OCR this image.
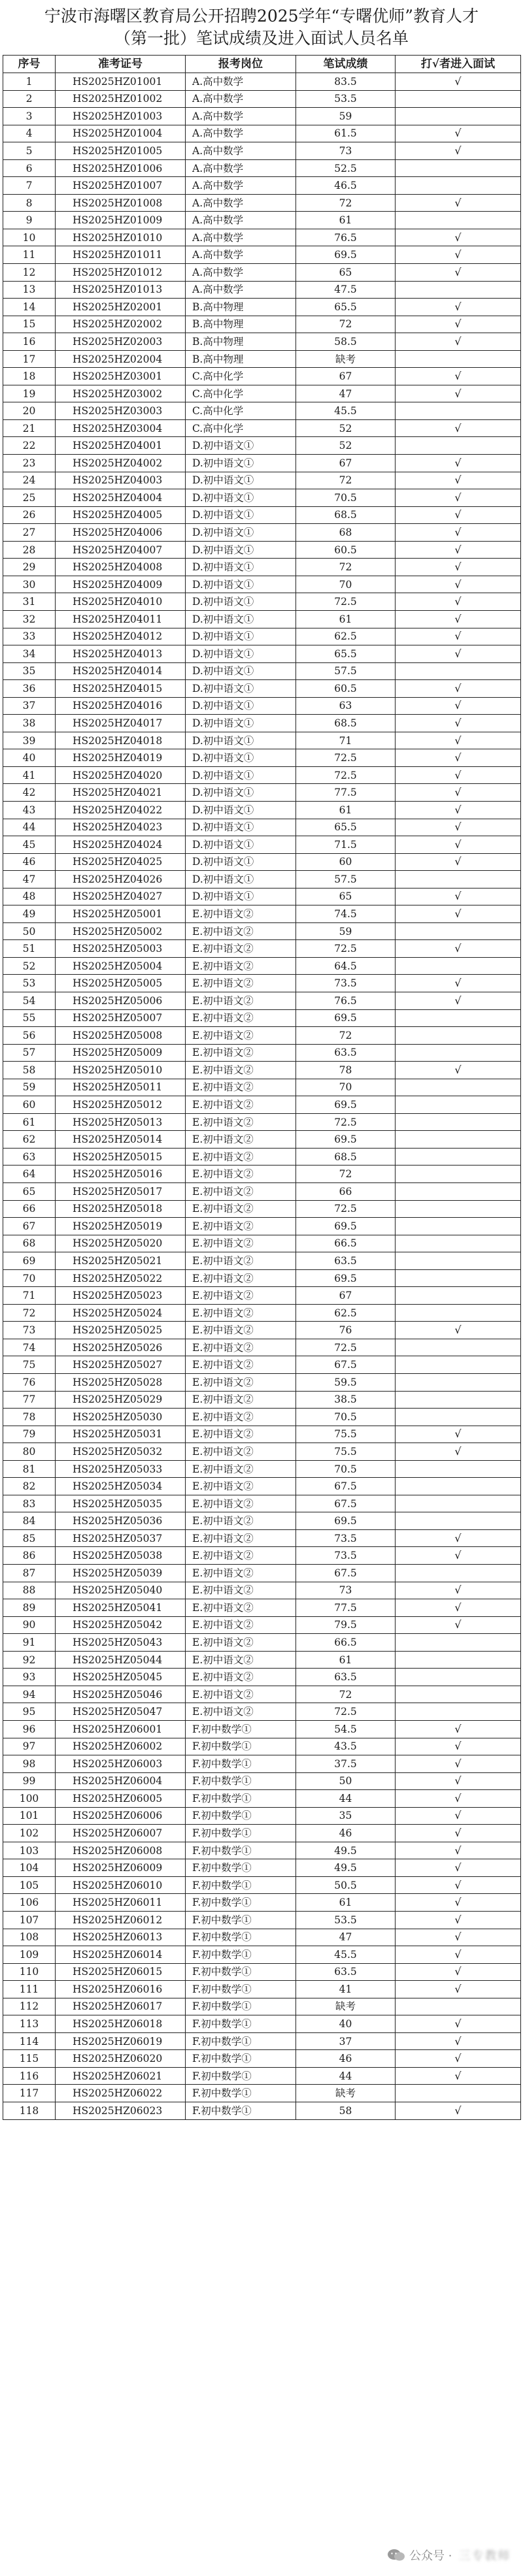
宁波市海曙区教育局公开招聘2025学年“专曙优师”教育人才
（第一批）笔试成绩及进入面试人员名单
序号	准考证号	报考岗位	笔试成绩	打√者进入面试
1	HS2025HZ01001	A.高中数学	83.5	√
2	HS2025HZ01002	A.高中数学	53.5	
3	HS2025HZ01003	A.高中数学	59	
4	HS2025HZ01004	A.高中数学	61.5	√
5	HS2025HZ01005	A.高中数学	73	√
6	HS2025HZ01006	A.高中数学	52.5	
7	HS2025HZ01007	A.高中数学	46.5	
8	HS2025HZ01008	A.高中数学	72	√
9	HS2025HZ01009	A.高中数学	61	
10	HS2025HZ01010	A.高中数学	76.5	√
11	HS2025HZ01011	A.高中数学	69.5	√
12	HS2025HZ01012	A.高中数学	65	√
13	HS2025HZ01013	A.高中数学	47.5	
14	HS2025HZ02001	B.高中物理	65.5	√
15	HS2025HZ02002	B.高中物理	72	√
16	HS2025HZ02003	B.高中物理	58.5	√
17	HS2025HZ02004	B.高中物理	缺考	
18	HS2025HZ03001	C.高中化学	67	√
19	HS2025HZ03002	C.高中化学	47	√
20	HS2025HZ03003	C.高中化学	45.5	
21	HS2025HZ03004	C.高中化学	52	√
22	HS2025HZ04001	D.初中语文①	52	
23	HS2025HZ04002	D.初中语文①	67	√
24	HS2025HZ04003	D.初中语文①	72	√
25	HS2025HZ04004	D.初中语文①	70.5	√
26	HS2025HZ04005	D.初中语文①	68.5	√
27	HS2025HZ04006	D.初中语文①	68	√
28	HS2025HZ04007	D.初中语文①	60.5	√
29	HS2025HZ04008	D.初中语文①	72	√
30	HS2025HZ04009	D.初中语文①	70	√
31	HS2025HZ04010	D.初中语文①	72.5	√
32	HS2025HZ04011	D.初中语文①	61	√
33	HS2025HZ04012	D.初中语文①	62.5	√
34	HS2025HZ04013	D.初中语文①	65.5	√
35	HS2025HZ04014	D.初中语文①	57.5	
36	HS2025HZ04015	D.初中语文①	60.5	√
37	HS2025HZ04016	D.初中语文①	63	√
38	HS2025HZ04017	D.初中语文①	68.5	√
39	HS2025HZ04018	D.初中语文①	71	√
40	HS2025HZ04019	D.初中语文①	72.5	√
41	HS2025HZ04020	D.初中语文①	72.5	√
42	HS2025HZ04021	D.初中语文①	77.5	√
43	HS2025HZ04022	D.初中语文①	61	√
44	HS2025HZ04023	D.初中语文①	65.5	√
45	HS2025HZ04024	D.初中语文①	71.5	√
46	HS2025HZ04025	D.初中语文①	60	√
47	HS2025HZ04026	D.初中语文①	57.5	
48	HS2025HZ04027	D.初中语文①	65	√
49	HS2025HZ05001	E.初中语文②	74.5	√
50	HS2025HZ05002	E.初中语文②	59	
51	HS2025HZ05003	E.初中语文②	72.5	√
52	HS2025HZ05004	E.初中语文②	64.5	
53	HS2025HZ05005	E.初中语文②	73.5	√
54	HS2025HZ05006	E.初中语文②	76.5	√
55	HS2025HZ05007	E.初中语文②	69.5	
56	HS2025HZ05008	E.初中语文②	72	
57	HS2025HZ05009	E.初中语文②	63.5	
58	HS2025HZ05010	E.初中语文②	78	√
59	HS2025HZ05011	E.初中语文②	70	
60	HS2025HZ05012	E.初中语文②	69.5	
61	HS2025HZ05013	E.初中语文②	72.5	
62	HS2025HZ05014	E.初中语文②	69.5	
63	HS2025HZ05015	E.初中语文②	68.5	
64	HS2025HZ05016	E.初中语文②	72	
65	HS2025HZ05017	E.初中语文②	66	
66	HS2025HZ05018	E.初中语文②	72.5	
67	HS2025HZ05019	E.初中语文②	69.5	
68	HS2025HZ05020	E.初中语文②	66.5	
69	HS2025HZ05021	E.初中语文②	63.5	
70	HS2025HZ05022	E.初中语文②	69.5	
71	HS2025HZ05023	E.初中语文②	67	
72	HS2025HZ05024	E.初中语文②	62.5	
73	HS2025HZ05025	E.初中语文②	76	√
74	HS2025HZ05026	E.初中语文②	72.5	
75	HS2025HZ05027	E.初中语文②	67.5	
76	HS2025HZ05028	E.初中语文②	59.5	
77	HS2025HZ05029	E.初中语文②	38.5	
78	HS2025HZ05030	E.初中语文②	70.5	
79	HS2025HZ05031	E.初中语文②	75.5	√
80	HS2025HZ05032	E.初中语文②	75.5	√
81	HS2025HZ05033	E.初中语文②	70.5	
82	HS2025HZ05034	E.初中语文②	67.5	
83	HS2025HZ05035	E.初中语文②	67.5	
84	HS2025HZ05036	E.初中语文②	69.5	
85	HS2025HZ05037	E.初中语文②	73.5	√
86	HS2025HZ05038	E.初中语文②	73.5	√
87	HS2025HZ05039	E.初中语文②	67.5	
88	HS2025HZ05040	E.初中语文②	73	√
89	HS2025HZ05041	E.初中语文②	77.5	√
90	HS2025HZ05042	E.初中语文②	79.5	√
91	HS2025HZ05043	E.初中语文②	66.5	
92	HS2025HZ05044	E.初中语文②	61	
93	HS2025HZ05045	E.初中语文②	63.5	
94	HS2025HZ05046	E.初中语文②	72	
95	HS2025HZ05047	E.初中语文②	72.5	
96	HS2025HZ06001	F.初中数学①	54.5	√
97	HS2025HZ06002	F.初中数学①	43.5	√
98	HS2025HZ06003	F.初中数学①	37.5	√
99	HS2025HZ06004	F.初中数学①	50	√
100	HS2025HZ06005	F.初中数学①	44	√
101	HS2025HZ06006	F.初中数学①	35	√
102	HS2025HZ06007	F.初中数学①	46	√
103	HS2025HZ06008	F.初中数学①	49.5	√
104	HS2025HZ06009	F.初中数学①	49.5	√
105	HS2025HZ06010	F.初中数学①	50.5	√
106	HS2025HZ06011	F.初中数学①	61	√
107	HS2025HZ06012	F.初中数学①	53.5	√
108	HS2025HZ06013	F.初中数学①	47	√
109	HS2025HZ06014	F.初中数学①	45.5	√
110	HS2025HZ06015	F.初中数学①	63.5	√
111	HS2025HZ06016	F.初中数学①	41	√
112	HS2025HZ06017	F.初中数学①	缺考	
113	HS2025HZ06018	F.初中数学①	40	√
114	HS2025HZ06019	F.初中数学①	37	√
115	HS2025HZ06020	F.初中数学①	46	√
116	HS2025HZ06021	F.初中数学①	44	√
117	HS2025HZ06022	F.初中数学①	缺考	
118	HS2025HZ06023	F.初中数学①	58	√
公众号 · 三专教师
